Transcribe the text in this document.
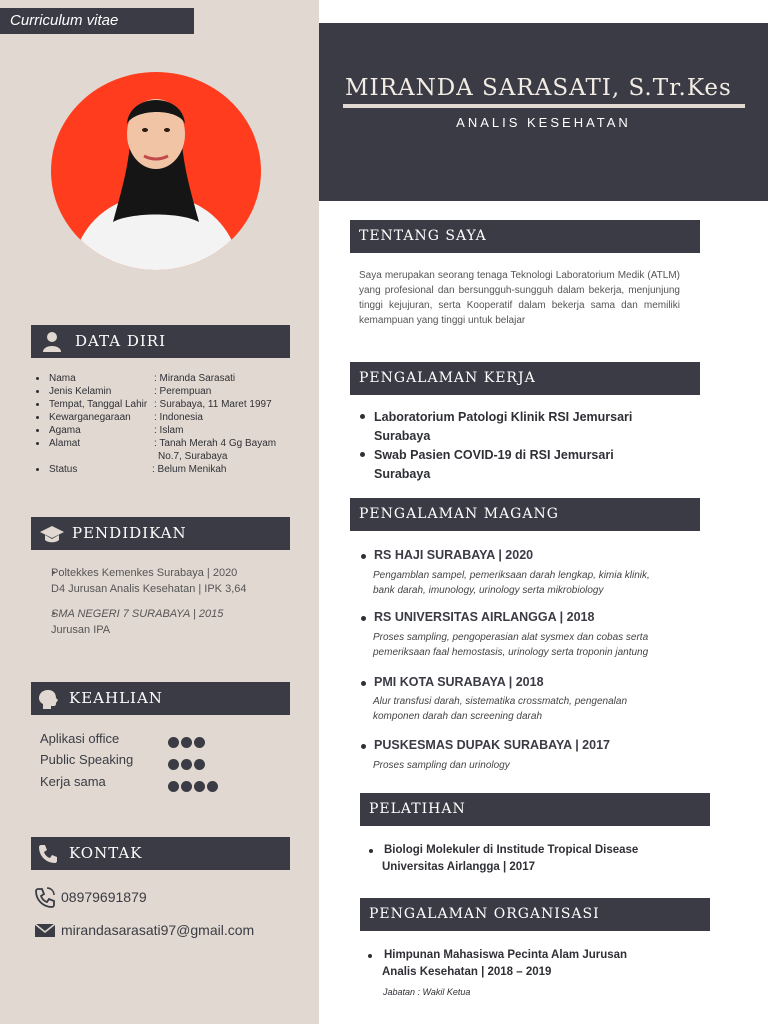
Curriculum vitae
DATA DIRI
Nama	: Miranda Sarasati
Jenis Kelamin	: Perempuan
Tempat, Tanggal Lahir : Surabaya, 11 Maret 1997
Kewarganegaraan : Indonesia
Agama	: Islam
Alamat	: Tanah Merah 4 Gg Bayam
No.7, Surabaya
Status	: Belum Menikah
PENDIDIKAN
Poltekkes Kemenkes Surabaya | 2020
D4 Jurusan Analis Kesehatan | IPK 3,64
SMA NEGERI 7 SURABAYA | 2015
Jurusan IPA
KEAHLIAN
Aplikasi office
Public Speaking
Kerja sama
KONTAK
08979691879
mirandasarasati97@gmail.com
MIRANDA SARASATI, S.Tr.Kes
ANALIS KESEHATAN
TENTANG SAYA
Saya merupakan seorang tenaga Teknologi Laboratorium Medik (ATLM) yang profesional dan bersungguh-sungguh dalam bekerja, menjunjung tinggi kejujuran, serta Kooperatif dalam bekerja sama dan memiliki kemampuan yang tinggi untuk belajar
PENGALAMAN KERJA
Laboratorium Patologi Klinik RSI Jemursari
Surabaya
Swab Pasien COVID-19 di RSI Jemursari
Surabaya
PENGALAMAN MAGANG
RS HAJI SURABAYA | 2020
Pengamblan sampel, pemeriksaan darah lengkap, kimia klinik,
bank darah, imunology, urinology serta mikrobiology
RS UNIVERSITAS AIRLANGGA | 2018
Proses sampling, pengoperasian alat sysmex dan cobas serta
pemeriksaan faal hemostasis, urinology serta troponin jantung
PMI KOTA SURABAYA | 2018
Alur transfusi darah, sistematika crossmatch, pengenalan
komponen darah dan screening darah
PUSKESMAS DUPAK SURABAYA | 2017
Proses sampling dan urinology
PELATIHAN
Biologi Molekuler di Institude Tropical Disease
Universitas Airlangga | 2017
PENGALAMAN ORGANISASI
Himpunan Mahasiswa Pecinta Alam Jurusan
Analis Kesehatan | 2018 – 2019
Jabatan : Wakil Ketua
